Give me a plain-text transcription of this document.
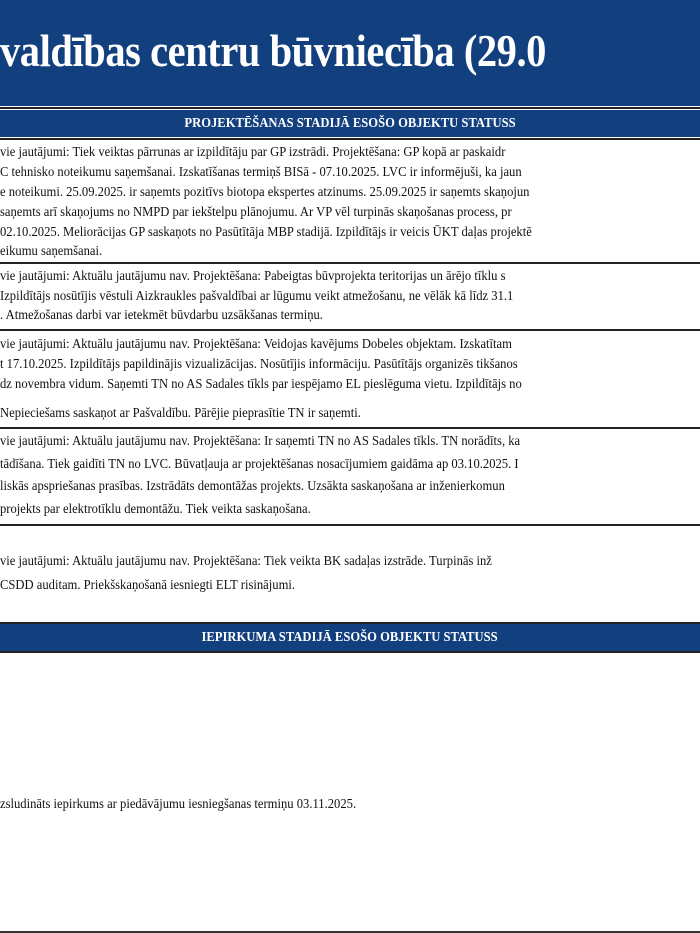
valdības centru būvniecība (29.0
PROJEKTĒŠANAS STADIJĀ ESOŠO OBJEKTU STATUSS
vie jautājumi: Tiek veiktas pārrunas ar izpildītāju par GP izstrādi. Projektēšana: GP kopā ar paskaidr
C tehnisko noteikumu saņemšanai. Izskatīšanas termiņš BISā - 07.10.2025. LVC ir informējuši, ka jaun
e noteikumi. 25.09.2025. ir saņemts pozitīvs biotopa ekspertes atzinums. 25.09.2025 ir saņemts skaņojun
saņemts arī skaņojums no NMPD par iekštelpu plānojumu. Ar VP vēl turpinās skaņošanas process, pr
02.10.2025. Meliorācijas GP saskaņots no Pasūtītāja MBP stadijā. Izpildītājs ir veicis ŪKT daļas projektē
eikumu saņemšanai.
vie jautājumi: Aktuālu jautājumu nav. Projektēšana: Pabeigtas būvprojekta teritorijas un ārējo tīklu s
Izpildītājs nosūtījis vēstuli Aizkraukles pašvaldībai ar lūgumu veikt atmežošanu, ne vēlāk kā līdz 31.1
. Atmežošanas darbi var ietekmēt būvdarbu uzsākšanas termiņu.
vie jautājumi: Aktuālu jautājumu nav. Projektēšana: Veidojas kavējums Dobeles objektam. Izskatītam
t 17.10.2025. Izpildītājs papildinājis vizualizācijas. Nosūtījis informāciju. Pasūtītājs organizēs tikšanos
dz novembra vidum. Saņemti TN no AS Sadales tīkls par iespējamo EL pieslēguma vietu. Izpildītājs no
Nepieciešams saskaņot ar Pašvaldību. Pārējie pieprasītie TN ir saņemti.
vie jautājumi: Aktuālu jautājumu nav. Projektēšana: Ir saņemti TN no AS Sadales tīkls. TN norādīts, ka
tādīšana. Tiek gaidīti TN no LVC. Būvatļauja ar projektēšanas nosacījumiem gaidāma ap 03.10.2025. I
liskās apspriešanas prasības. Izstrādāts demontāžas projekts. Uzsākta saskaņošana ar inženierkomun
projekts par elektrotīklu demontāžu. Tiek veikta saskaņošana.
vie jautājumi: Aktuālu jautājumu nav. Projektēšana: Tiek veikta BK sadaļas izstrāde. Turpinās inž
CSDD auditam. Priekšskaņošanā iesniegti ELT risinājumi.
IEPIRKUMA STADIJĀ ESOŠO OBJEKTU STATUSS
zsludināts iepirkums ar piedāvājumu iesniegšanas termiņu 03.11.2025.
